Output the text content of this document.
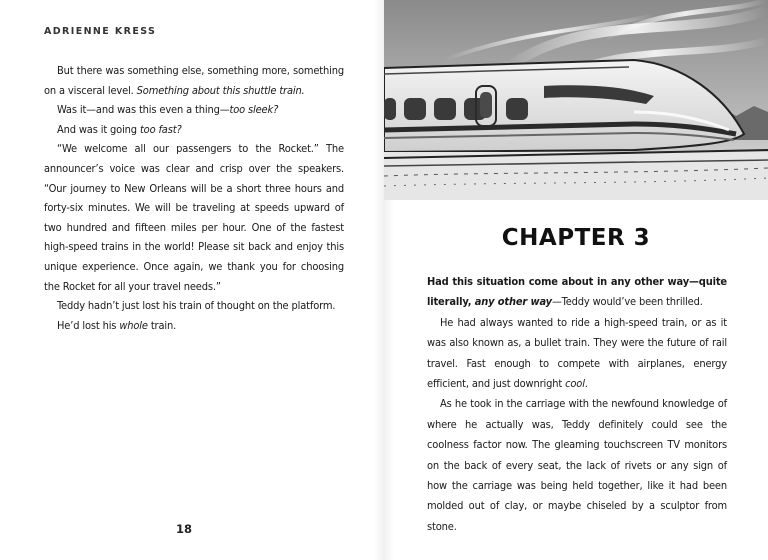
ADRIENNE KRESS

But there was something else, something more, something on a visceral level. Something about this shuttle train.

Was it—and was this even a thing—too sleek?

And was it going too fast?

“We welcome all our passengers to the Rocket.” The announcer’s voice was clear and crisp over the speakers. “Our journey to New Orleans will be a short three hours and forty-six minutes. We will be traveling at speeds upward of two hundred and fifteen miles per hour. One of the fastest high-speed trains in the world! Please sit back and enjoy this unique experience. Once again, we thank you for choosing the Rocket for all your travel needs.”

Teddy hadn’t just lost his train of thought on the platform.

He’d lost his whole train.

18
CHAPTER 3

Had this situation come about in any other way—quite literally, any other way—Teddy would’ve been thrilled.

He had always wanted to ride a high-speed train, or as it was also known as, a bullet train. They were the future of rail travel. Fast enough to compete with airplanes, energy efficient, and just downright cool.

As he took in the carriage with the newfound knowledge of where he actually was, Teddy definitely could see the coolness factor now. The gleaming touchscreen TV monitors on the back of every seat, the lack of rivets or any sign of how the carriage was being held together, like it had been molded out of clay, or maybe chiseled by a sculptor from stone.
